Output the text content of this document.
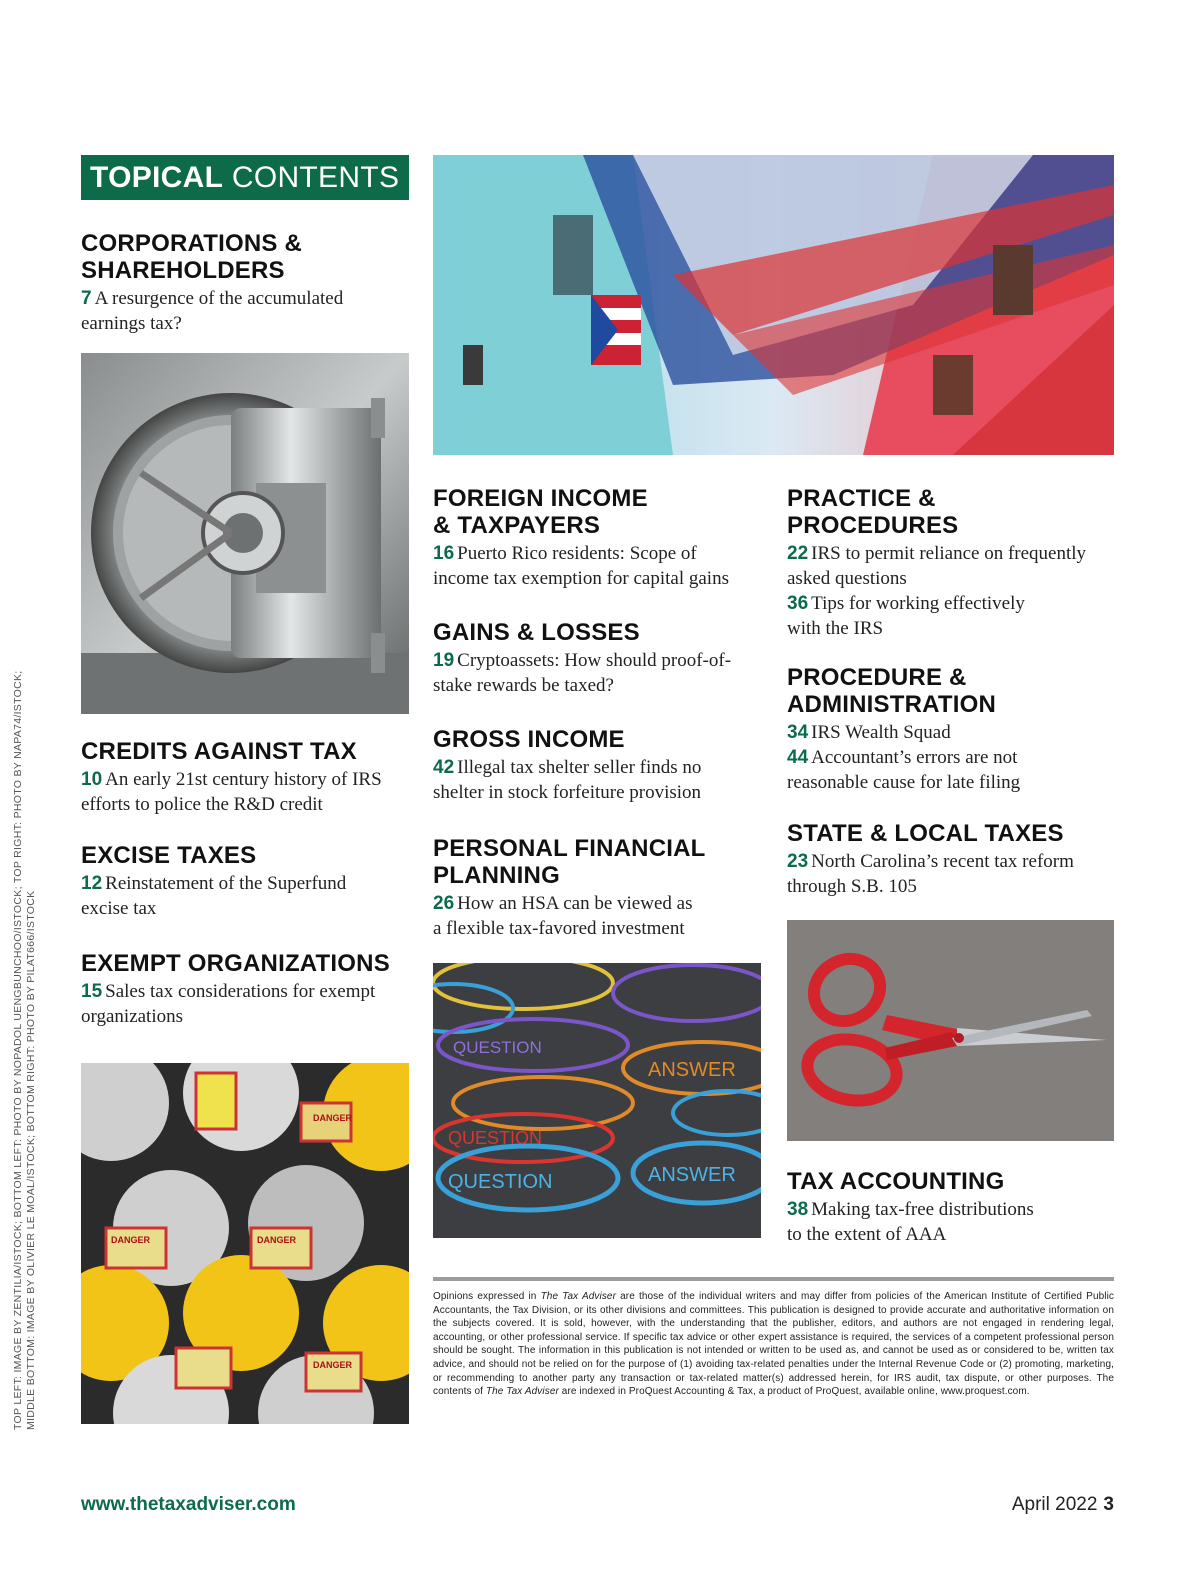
TOPICAL CONTENTS
CORPORATIONS &
SHAREHOLDERS
7 A resurgence of the accumulated
earnings tax?
CREDITS AGAINST TAX
10 An early 21st century history of IRS
efforts to police the R&D credit
EXCISE TAXES
12 Reinstatement of the Superfund
excise tax
EXEMPT ORGANIZATIONS
15 Sales tax considerations for exempt
organizations
DANGER
DANGER	DANGER
DANGER
FOREIGN INCOME
& TAXPAYERS
16 Puerto Rico residents: Scope of
income tax exemption for capital gains
GAINS & LOSSES
19 Cryptoassets: How should proof-of-
stake rewards be taxed?
GROSS INCOME
42 Illegal tax shelter seller finds no
shelter in stock forfeiture provision
PERSONAL FINANCIAL
PLANNING
26 How an HSA can be viewed as
a flexible tax-favored investment
QUESTION
ANSWER
QUESTION
QUESTION	ANSWER
PRACTICE &
PROCEDURES
22 IRS to permit reliance on frequently
asked questions
36 Tips for working effectively
with the IRS
PROCEDURE &
ADMINISTRATION
34 IRS Wealth Squad
44 Accountant’s errors are not
reasonable cause for late filing
STATE & LOCAL TAXES
23 North Carolina’s recent tax reform
through S.B. 105
TAX ACCOUNTING
38 Making tax-free distributions
to the extent of AAA
Opinions expressed in The Tax Adviser are those of the individual writers and may differ from policies of the American Institute of Certified Public Accountants, the Tax Division, or its other divisions and committees. This publication is designed to provide accurate and authoritative information on the subjects covered. It is sold, however, with the understanding that the publisher, editors, and authors are not engaged in rendering legal, accounting, or other professional service. If specific tax advice or other expert assistance is required, the services of a competent professional person should be sought. The information in this publication is not intended or written to be used as, and cannot be used as or considered to be, written tax advice, and should not be relied on for the purpose of (1) avoiding tax-related penalties under the Internal Revenue Code or (2) promoting, marketing, or recommending to another party any transaction or tax-related matter(s) addressed herein, for IRS audit, tax dispute, or other purposes. The contents of The Tax Adviser are indexed in ProQuest Accounting & Tax, a product of ProQuest, available online, www.proquest.com.
TOP LEFT: IMAGE BY ZENTILIA/ISTOCK; BOTTOM LEFT: PHOTO BY NOPADOL UENGBUNCHOO/ISTOCK; TOP RIGHT: PHOTO BY NAPA74/ISTOCK; MIDDLE BOTTOM: IMAGE BY OLIVIER LE MOAL/ISTOCK; BOTTOM RIGHT: PHOTO BY PILAT666/ISTOCK
www.thetaxadviser.com	April 2022 3
